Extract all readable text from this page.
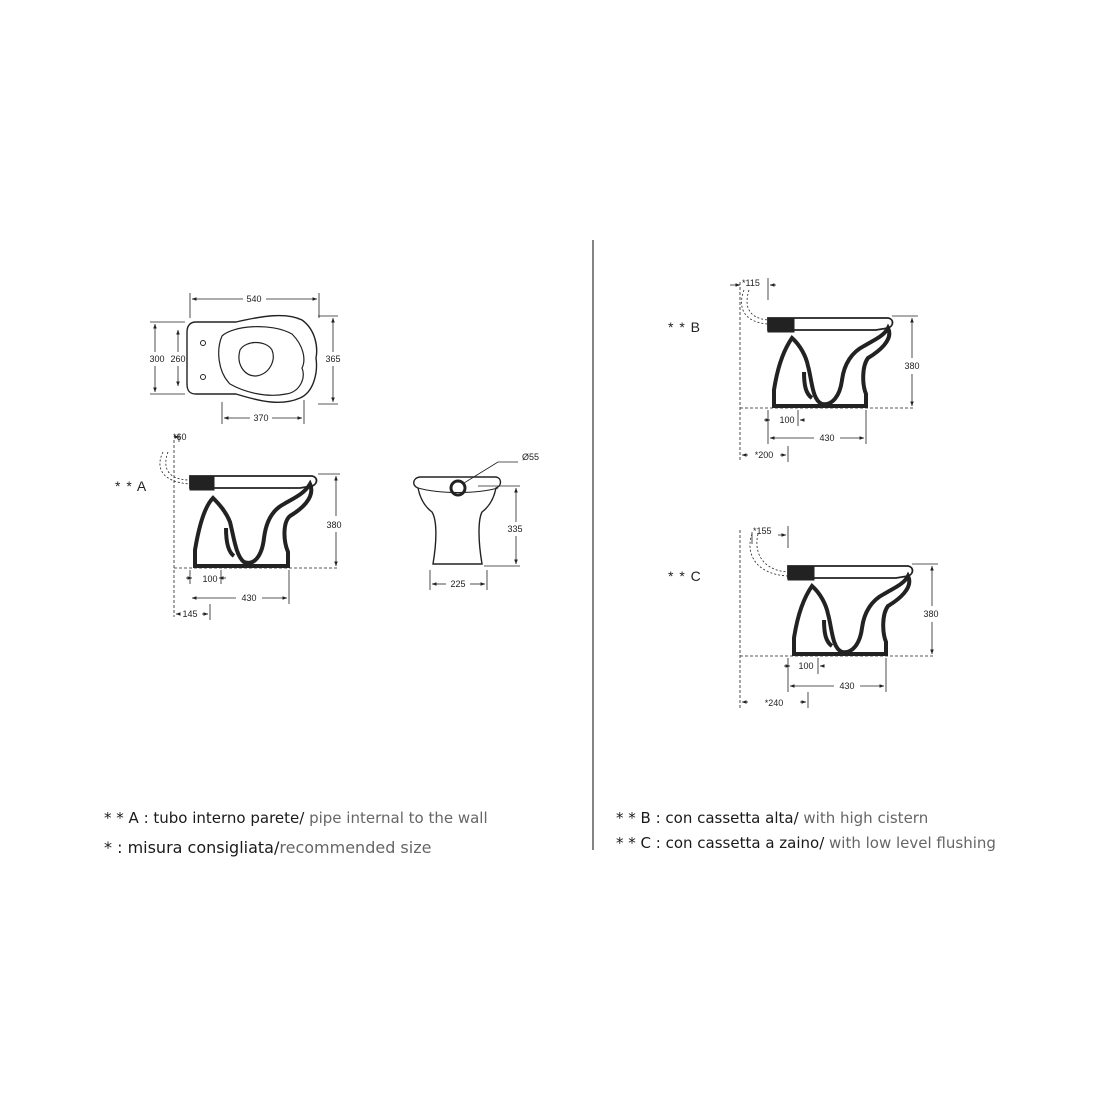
540
300 260	365
370
* * A
*60
380
100
430
145
Ø55
335
225
* * B
*115
380
100
430
*200
* * C
*155
380
100
430
*240
* * A : tubo interno parete/ pipe internal to the wall
* : misura consigliata/recommended size
* * B : con cassetta alta/ with high cistern
* * C : con cassetta a zaino/ with low level flushing
